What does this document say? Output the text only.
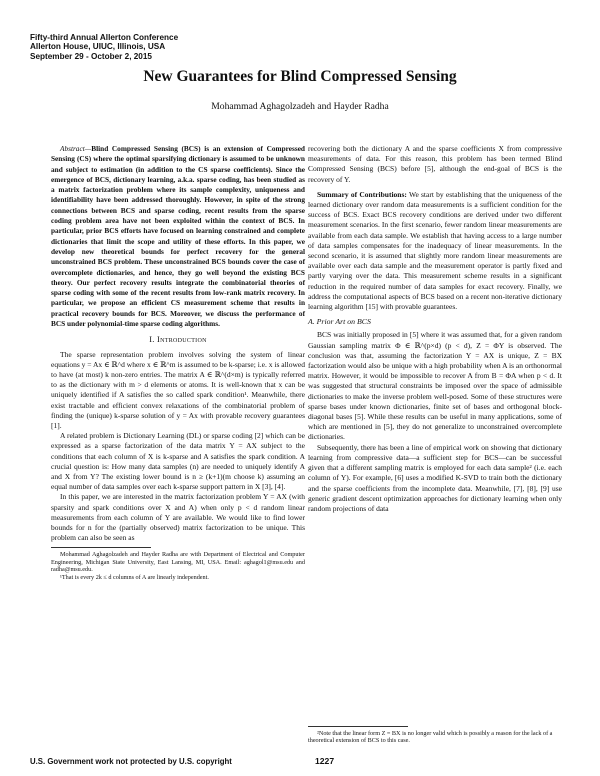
Fifty-third Annual Allerton Conference
Allerton House, UIUC, Illinois, USA
September 29 - October 2, 2015
New Guarantees for Blind Compressed Sensing
Mohammad Aghagolzadeh and Hayder Radha

Abstract—Blind Compressed Sensing (BCS) is an extension of Compressed Sensing (CS) where the optimal sparsifying dictionary is assumed to be unknown and subject to estimation (in addition to the CS sparse coefficients). Since the emergence of BCS, dictionary learning, a.k.a. sparse coding, has been studied as a matrix factorization problem where its sample complexity, uniqueness and identifiability have been addressed thoroughly. However, in spite of the strong connections between BCS and sparse coding, recent results from the sparse coding problem area have not been exploited within the context of BCS. In particular, prior BCS efforts have focused on learning constrained and complete dictionaries that limit the scope and utility of these efforts. In this paper, we develop new theoretical bounds for perfect recovery for the general unconstrained BCS problem. These unconstrained BCS bounds cover the case of overcomplete dictionaries, and hence, they go well beyond the existing BCS theory. Our perfect recovery results integrate the combinatorial theories of sparse coding with some of the recent results from low-rank matrix recovery. In particular, we propose an efficient CS measurement scheme that results in practical recovery bounds for BCS. Moreover, we discuss the performance of BCS under polynomial-time sparse coding algorithms.

I. Introduction

The sparse representation problem involves solving the system of linear equations y = Ax ∈ ℝ^d where x ∈ ℝ^m is assumed to be k-sparse; i.e. x is allowed to have (at most) k non-zero entries. The matrix A ∈ ℝ^(d×m) is typically referred to as the dictionary with m > d elements or atoms. It is well-known that x can be uniquely identified if A satisfies the so called spark condition¹. Meanwhile, there exist tractable and efficient convex relaxations of the combinatorial problem of finding the (unique) k-sparse solution of y = Ax with provable recovery guarantees [1].

A related problem is Dictionary Learning (DL) or sparse coding [2] which can be expressed as a sparse factorization of the data matrix Y = AX subject to the conditions that each column of X is k-sparse and A satisfies the spark condition. A crucial question is: How many data samples (n) are needed to uniquely identify A and X from Y? The existing lower bound is n ≥ (k+1)(m choose k) assuming an equal number of data samples over each k-sparse support pattern in X [3], [4].

In this paper, we are interested in the matrix factorization problem Y = AX (with sparsity and spark conditions over X and A) when only p < d random linear measurements from each column of Y are available. We would like to find lower bounds for n for the (partially observed) matrix factorization to be unique. This problem can also be seen as

Mohammad Aghagolzadeh and Hayder Radha are with Department of Electrical and Computer Engineering, Michigan State University, East Lansing, MI, USA. Email: aghagol1@msu.edu and radha@msu.edu.

¹That is every 2k ≤ d columns of A are linearly independent.

recovering both the dictionary A and the sparse coefficients X from compressive measurements of data. For this reason, this problem has been termed Blind Compressed Sensing (BCS) before [5], although the end-goal of BCS is the recovery of Y.

Summary of Contributions: We start by establishing that the uniqueness of the learned dictionary over random data measurements is a sufficient condition for the success of BCS. Exact BCS recovery conditions are derived under two different measurement scenarios. In the first scenario, fewer random linear measurements are available from each data sample. We establish that having access to a large number of data samples compensates for the inadequacy of linear measurements. In the second scenario, it is assumed that slightly more random linear measurements are available over each data sample and the measurement operator is partly fixed and partly varying over the data. This measurement scheme results in a significant reduction in the required number of data samples for exact recovery. Finally, we address the computational aspects of BCS based on a recent non-iterative dictionary learning algorithm [15] with provable guarantees.

A. Prior Art on BCS

BCS was initially proposed in [5] where it was assumed that, for a given random Gaussian sampling matrix Φ ∈ ℝ^(p×d) (p < d), Z = ΦY is observed. The conclusion was that, assuming the factorization Y = AX is unique, Z = BX factorization would also be unique with a high probability when A is an orthonormal matrix. However, it would be impossible to recover A from B = ΦA when p < d. It was suggested that structural constraints be imposed over the space of admissible dictionaries to make the inverse problem well-posed. Some of these structures were sparse bases under known dictionaries, finite set of bases and orthogonal block-diagonal bases [5]. While these results can be useful in many applications, some of which are mentioned in [5], they do not generalize to unconstrained overcomplete dictionaries.

Subsequently, there has been a line of empirical work on showing that dictionary learning from compressive data—a sufficient step for BCS—can be successful given that a different sampling matrix is employed for each data sample² (i.e. each column of Y). For example, [6] uses a modified K-SVD to train both the dictionary and the sparse coefficients from the incomplete data. Meanwhile, [7], [8], [9] use generic gradient descent optimization approaches for dictionary learning when only random projections of data

²Note that the linear form Z = BX is no longer valid which is possibly a reason for the lack of a theoretical extension of BCS to this case.

U.S. Government work not protected by U.S. copyright	1227
